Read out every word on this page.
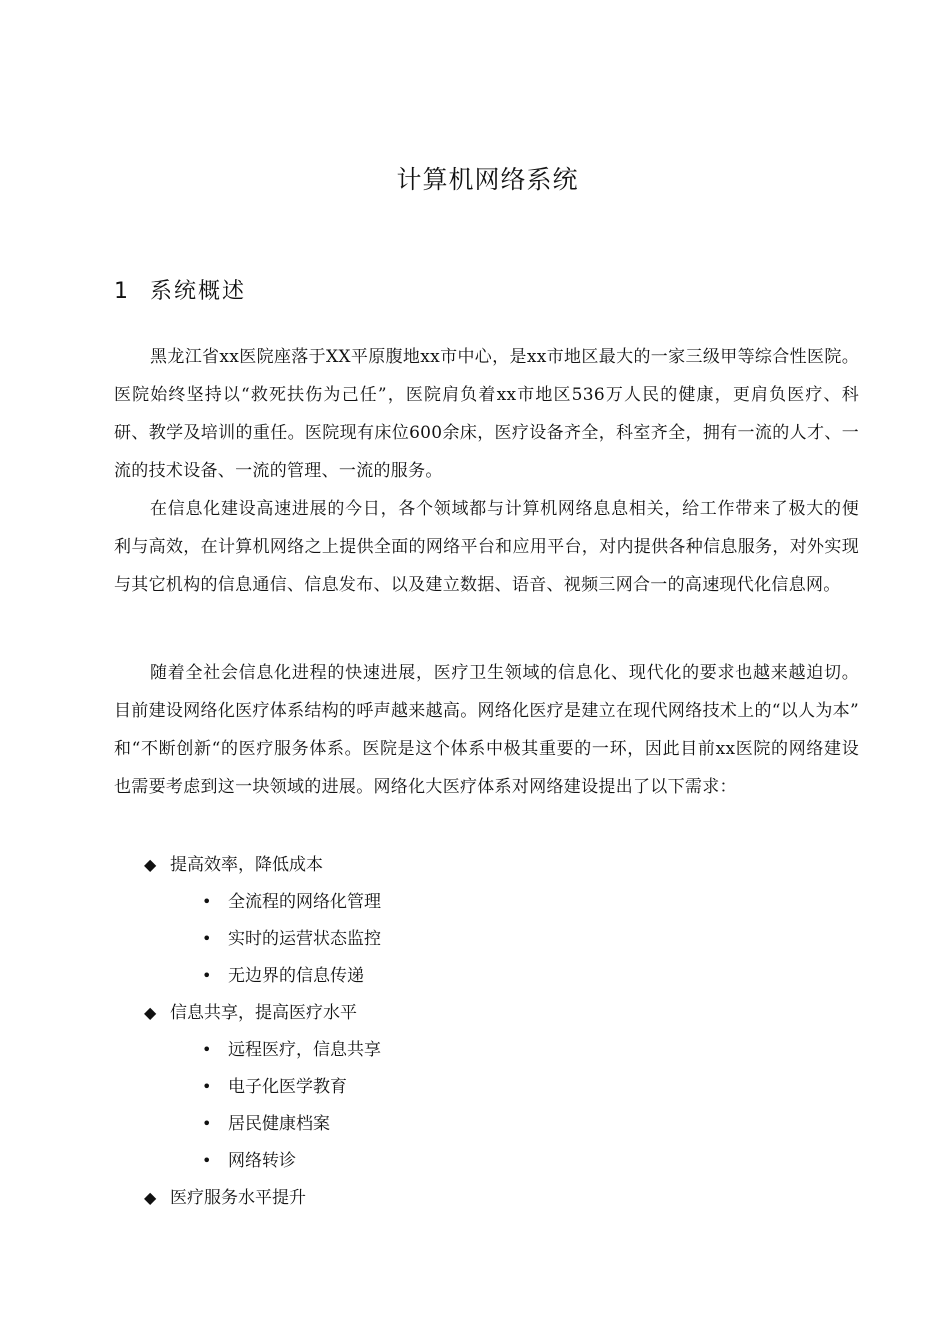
计算机网络系统
1 系统概述

黑龙江省xx医院座落于XX平原腹地xx市中心，是xx市地区最大的一家三级甲等综合性医院。医院始终坚持以“救死扶伤为己任”，医院肩负着xx市地区536万人民的健康，更肩负医疗、科研、教学及培训的重任。医院现有床位600余床，医疗设备齐全，科室齐全，拥有一流的人才、一流的技术设备、一流的管理、一流的服务。

在信息化建设高速进展的今日，各个领域都与计算机网络息息相关，给工作带来了极大的便利与高效，在计算机网络之上提供全面的网络平台和应用平台，对内提供各种信息服务，对外实现与其它机构的信息通信、信息发布、以及建立数据、语音、视频三网合一的高速现代化信息网。

随着全社会信息化进程的快速进展，医疗卫生领域的信息化、现代化的要求也越来越迫切。目前建设网络化医疗体系结构的呼声越来越高。网络化医疗是建立在现代网络技术上的“以人为本” 和“不断创新“的医疗服务体系。医院是这个体系中极其重要的一环，因此目前xx医院的网络建设也需要考虑到这一块领域的进展。网络化大医疗体系对网络建设提出了以下需求：

◆ 提高效率，降低成本
• 全流程的网络化管理
• 实时的运营状态监控
• 无边界的信息传递
◆ 信息共享，提高医疗水平
• 远程医疗，信息共享
• 电子化医学教育
• 居民健康档案
• 网络转诊
◆ 医疗服务水平提升
